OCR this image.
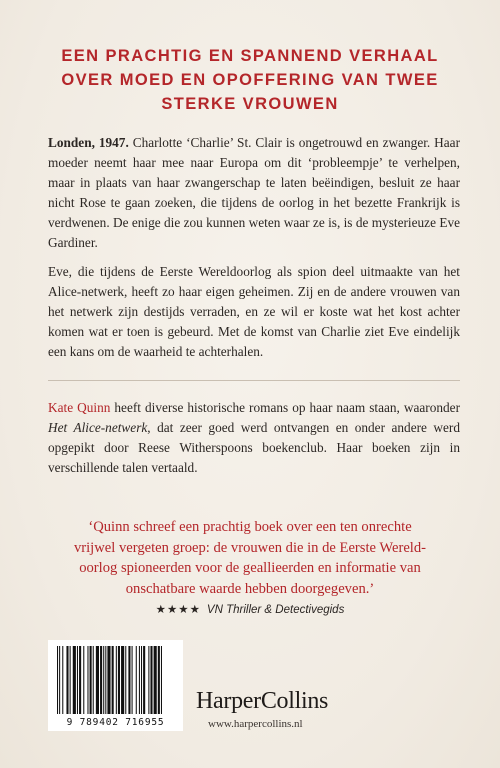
EEN PRACHTIG EN SPANNEND VERHAAL
OVER MOED EN OPOFFERING VAN TWEE
STERKE VROUWEN

Londen, 1947. Charlotte ‘Charlie’ St. Clair is ongetrouwd en zwanger. Haar moeder neemt haar mee naar Europa om dit ‘probleempje’ te verhelpen, maar in plaats van haar zwangerschap te laten beëindigen, besluit ze haar nicht Rose te gaan zoeken, die tijdens de oorlog in het bezette Frankrijk is verdwenen. De enige die zou kunnen weten waar ze is, is de mysterieuze Eve Gardiner.

Eve, die tijdens de Eerste Wereldoorlog als spion deel uitmaakte van het Alice-netwerk, heeft zo haar eigen geheimen. Zij en de andere vrouwen van het netwerk zijn destijds verraden, en ze wil er koste wat het kost achter komen wat er toen is gebeurd. Met de komst van Charlie ziet Eve eindelijk een kans om de waarheid te achterhalen.

Kate Quinn heeft diverse historische romans op haar naam staan, waaronder Het Alice-netwerk, dat zeer goed werd ontvangen en onder andere werd opgepikt door Reese Witherspoons boekenclub. Haar boeken zijn in verschillende talen vertaald.

‘Quinn schreef een prachtig boek over een ten onrechte
vrijwel vergeten groep: de vrouwen die in de Eerste Wereld-
oorlog spioneerden voor de geallieerden en informatie van
onschatbare waarde hebben doorgegeven.’
★★★★ VN Thriller & Detectivegids
9 789402 716955
HarperCollins
www.harpercollins.nl
